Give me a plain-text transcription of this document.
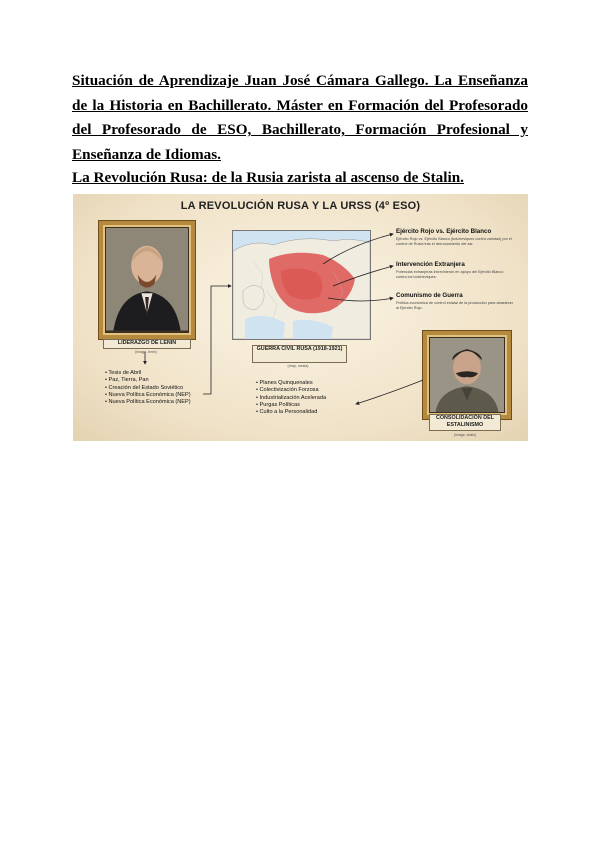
Situación de Aprendizaje Juan José Cámara Gallego. La Enseñanza de la Historia en Bachillerato. Máster en Formación del Profesorado del Profesorado de ESO, Bachillerato, Formación Profesional y Enseñanza de Idiomas.
La Revolución Rusa: de la Rusia zarista al ascenso de Stalin.
LA REVOLUCIÓN RUSA Y LA URSS (4º ESO)
LIDERAZGO DE LENIN
(image, lenin)
• Tesis de Abril
• Paz, Tierra, Pan
• Creación del Estado Soviético
• Nueva Política Económica (NEP)
• Nueva Política Económica (NEP)
GUERRA CIVIL RUSA (1918-1921)
(map, russia)
Ejército Rojo vs. Ejército Blanco
Ejército Rojo vs. Ejército Blanco (bolcheviques contra zaristas) por el control de Rusia tras el derrocamiento del zar.
Intervención Extranjera
Potencias extranjeras intervinieron en apoyo del Ejército Blanco contra los bolcheviques.
Comunismo de Guerra
Política económica de control estatal de la producción para abastecer al Ejército Rojo.
CONSOLIDACIÓN DEL ESTALINISMO
(image, stalin)
• Planes Quinquenales
• Colectivización Forzosa
• Industrialización Acelerada
• Purgas Políticas
• Culto a la Personalidad
